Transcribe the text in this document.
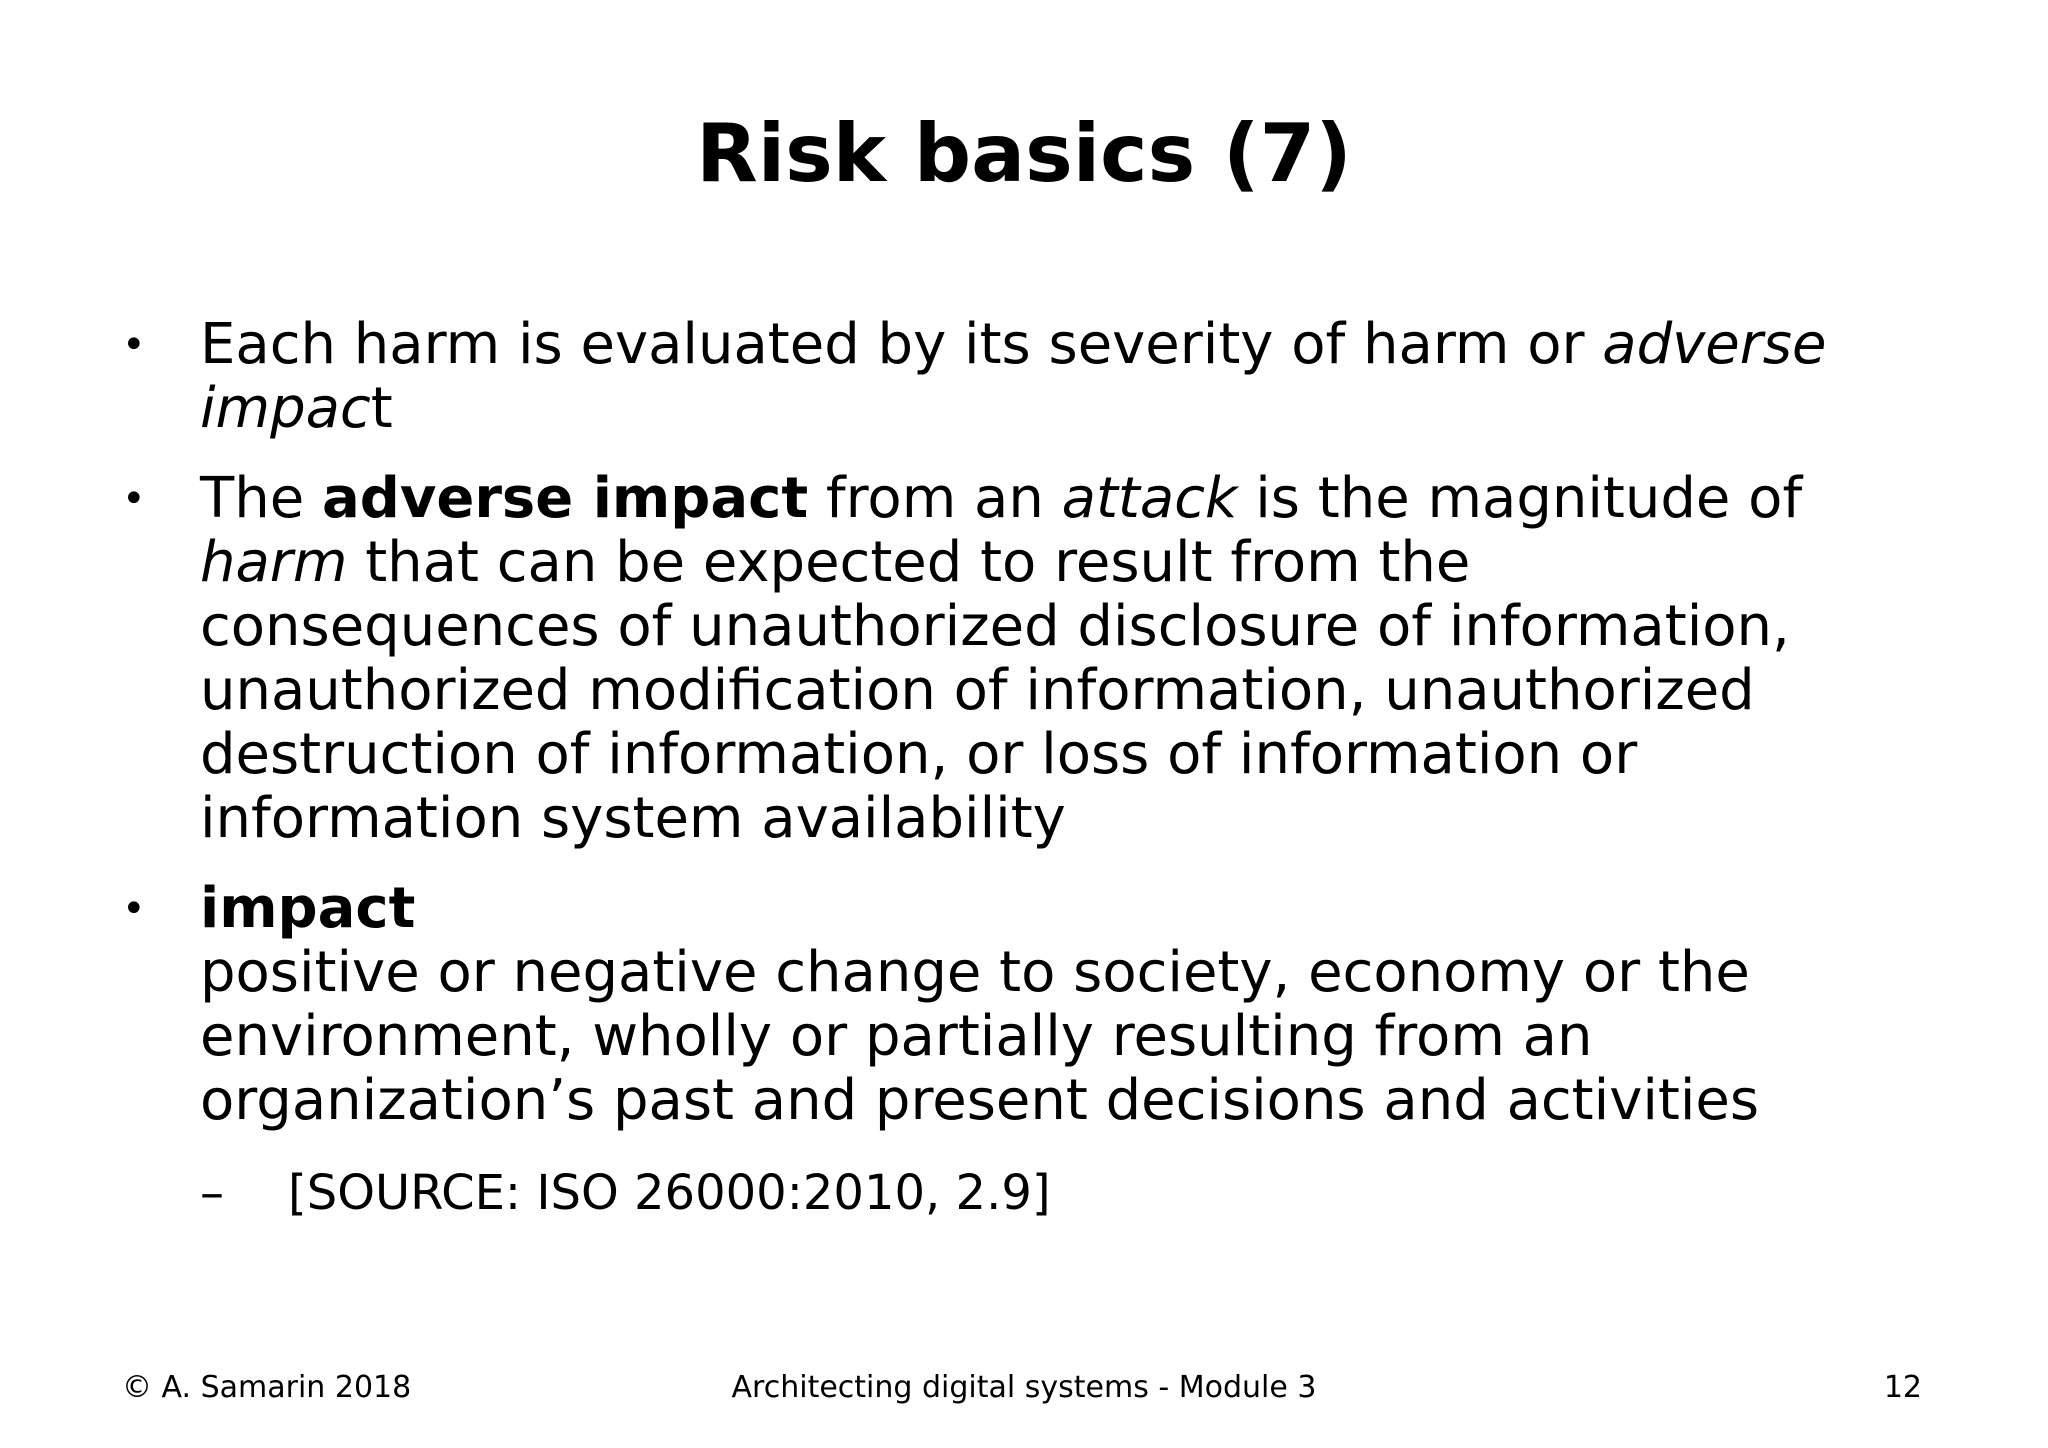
Risk basics (7)
• Each harm is evaluated by its severity of harm or adverse
impact
• The adverse impact from an attack is the magnitude of
harm that can be expected to result from the
consequences of unauthorized disclosure of information,
unauthorized modification of information, unauthorized
destruction of information, or loss of information or
information system availability
• impact
positive or negative change to society, economy or the
environment, wholly or partially resulting from an
organization’s past and present decisions and activities
– [SOURCE: ISO 26000:2010, 2.9]
© A. Samarin 2018	Architecting digital systems - Module 3	12
